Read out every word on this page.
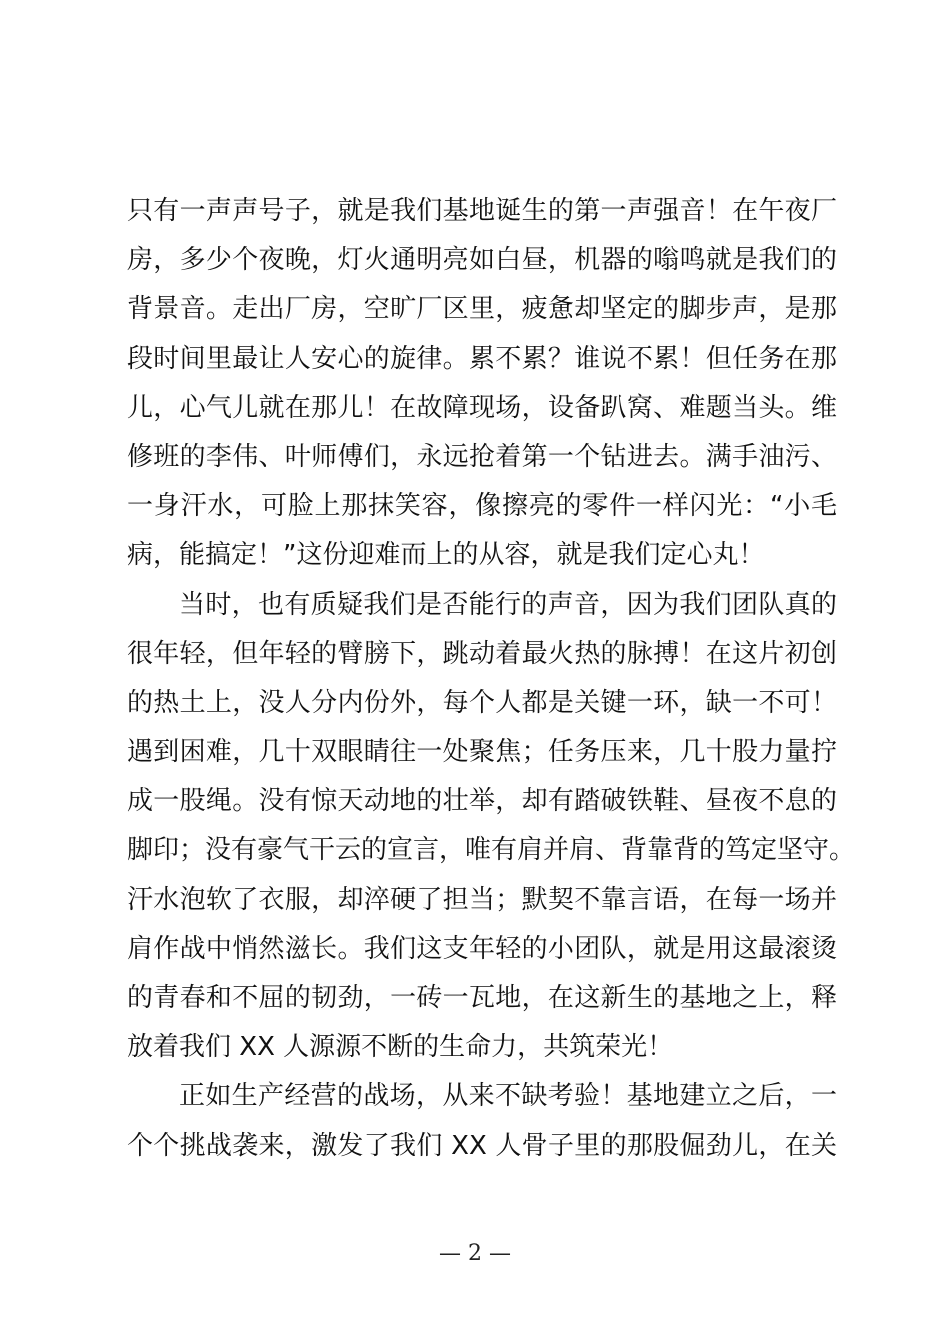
只有一声声号子，就是我们基地诞生的第一声强音！在午夜厂
房，多少个夜晚，灯火通明亮如白昼，机器的嗡鸣就是我们的
背景音。走出厂房，空旷厂区里，疲惫却坚定的脚步声，是那
段时间里最让人安心的旋律。累不累？谁说不累！但任务在那
儿，心气儿就在那儿！在故障现场，设备趴窝、难题当头。维
修班的李伟、叶师傅们，永远抢着第一个钻进去。满手油污、
一身汗水，可脸上那抹笑容，像擦亮的零件一样闪光：“小毛
病，能搞定！”这份迎难而上的从容，就是我们定心丸！
当时，也有质疑我们是否能行的声音，因为我们团队真的
很年轻，但年轻的臂膀下，跳动着最火热的脉搏！在这片初创
的热土上，没人分内份外，每个人都是关键一环，缺一不可！
遇到困难，几十双眼睛往一处聚焦；任务压来，几十股力量拧
成一股绳。没有惊天动地的壮举，却有踏破铁鞋、昼夜不息的
脚印；没有豪气干云的宣言，唯有肩并肩、背靠背的笃定坚守。
汗水泡软了衣服，却淬硬了担当；默契不靠言语，在每一场并
肩作战中悄然滋长。我们这支年轻的小团队，就是用这最滚烫
的青春和不屈的韧劲，一砖一瓦地，在这新生的基地之上，释
放着我们 XX 人源源不断的生命力，共筑荣光！
正如生产经营的战场，从来不缺考验！基地建立之后，一
个个挑战袭来，激发了我们 XX 人骨子里的那股倔劲儿，在关
— 2 —
